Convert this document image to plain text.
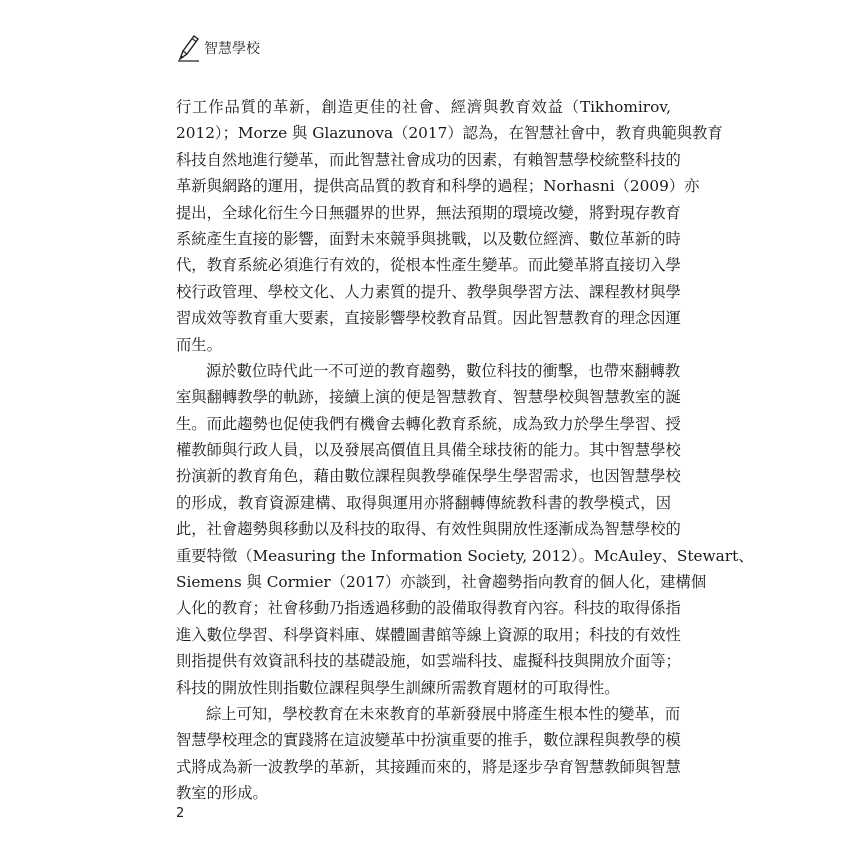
智慧學校
行工作品質的革新，創造更佳的社會、經濟與教育效益（Tikhomirov,
2012）；Morze 與 Glazunova（2017）認為，在智慧社會中，教育典範與教育
科技自然地進行變革，而此智慧社會成功的因素，有賴智慧學校統整科技的
革新與網路的運用，提供高品質的教育和科學的過程；Norhasni（2009）亦
提出，全球化衍生今日無疆界的世界，無法預期的環境改變，將對現存教育
系統產生直接的影響，面對未來競爭與挑戰，以及數位經濟、數位革新的時
代，教育系統必須進行有效的，從根本性產生變革。而此變革將直接切入學
校行政管理、學校文化、人力素質的提升、教學與學習方法、課程教材與學
習成效等教育重大要素，直接影響學校教育品質。因此智慧教育的理念因運
而生。
源於數位時代此一不可逆的教育趨勢，數位科技的衝擊，也帶來翻轉教
室與翻轉教學的軌跡，接續上演的便是智慧教育、智慧學校與智慧教室的誕
生。而此趨勢也促使我們有機會去轉化教育系統，成為致力於學生學習、授
權教師與行政人員，以及發展高價值且具備全球技術的能力。其中智慧學校
扮演新的教育角色，藉由數位課程與教學確保學生學習需求，也因智慧學校
的形成，教育資源建構、取得與運用亦將翻轉傳統教科書的教學模式，因
此，社會趨勢與移動以及科技的取得、有效性與開放性逐漸成為智慧學校的
重要特徵（Measuring the Information Society, 2012）。McAuley、Stewart、
Siemens 與 Cormier（2017）亦談到，社會趨勢指向教育的個人化，建構個
人化的教育；社會移動乃指透過移動的設備取得教育內容。科技的取得係指
進入數位學習、科學資料庫、媒體圖書館等線上資源的取用；科技的有效性
則指提供有效資訊科技的基礎設施，如雲端科技、虛擬科技與開放介面等；
科技的開放性則指數位課程與學生訓練所需教育題材的可取得性。
綜上可知，學校教育在未來教育的革新發展中將產生根本性的變革，而
智慧學校理念的實踐將在這波變革中扮演重要的推手，數位課程與教學的模
式將成為新一波教學的革新，其接踵而來的，將是逐步孕育智慧教師與智慧
教室的形成。
2
